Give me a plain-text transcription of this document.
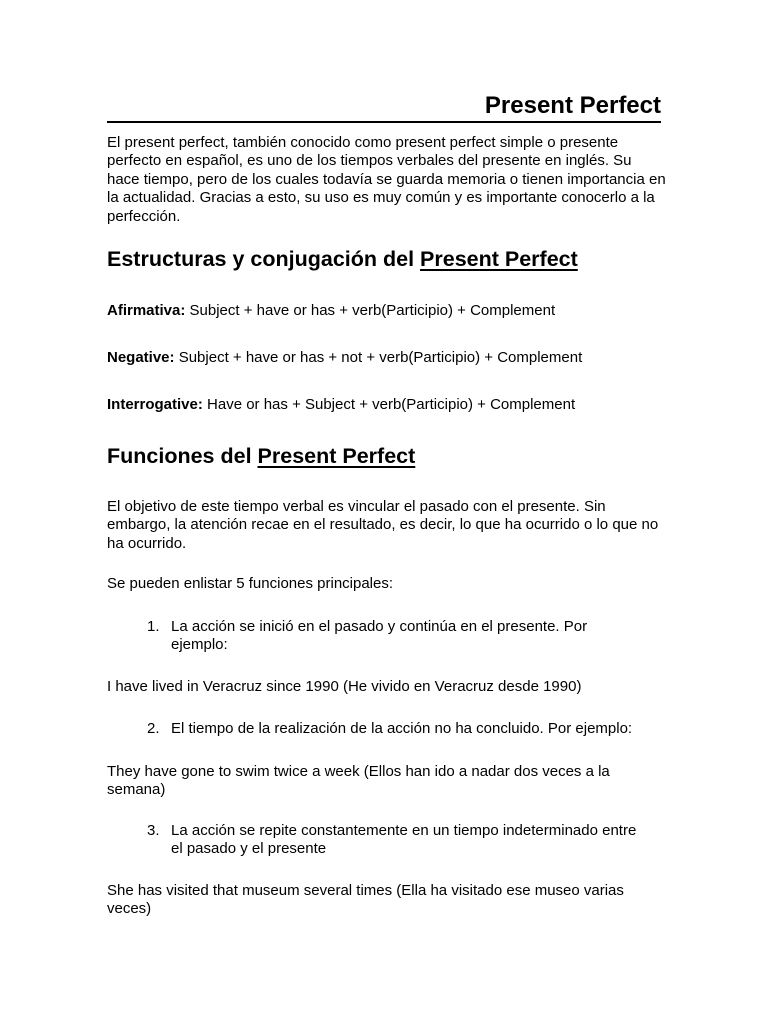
Present Perfect
El present perfect, también conocido como present perfect simple o presente perfecto en español, es uno de los tiempos verbales del presente en inglés. Su hace tiempo, pero de los cuales todavía se guarda memoria o tienen importancia en la actualidad. Gracias a esto, su uso es muy común y es importante conocerlo a la perfección.
Estructuras y conjugación del Present Perfect
Afirmativa: Subject + have or has + verb(Participio) + Complement
Negative: Subject + have or has + not + verb(Participio) + Complement
Interrogative: Have or has + Subject + verb(Participio) + Complement
Funciones del Present Perfect
El objetivo de este tiempo verbal es vincular el pasado con el presente. Sin embargo, la atención recae en el resultado, es decir, lo que ha ocurrido o lo que no ha ocurrido.
Se pueden enlistar 5 funciones principales:
1. La acción se inició en el pasado y continúa en el presente. Por ejemplo:
I have lived in Veracruz since 1990 (He vivido en Veracruz desde 1990)
2. El tiempo de la realización de la acción no ha concluido. Por ejemplo:
They have gone to swim twice a week (Ellos han ido a nadar dos veces a la semana)
3. La acción se repite constantemente en un tiempo indeterminado entre el pasado y el presente
She has visited that museum several times (Ella ha visitado ese museo varias veces)
